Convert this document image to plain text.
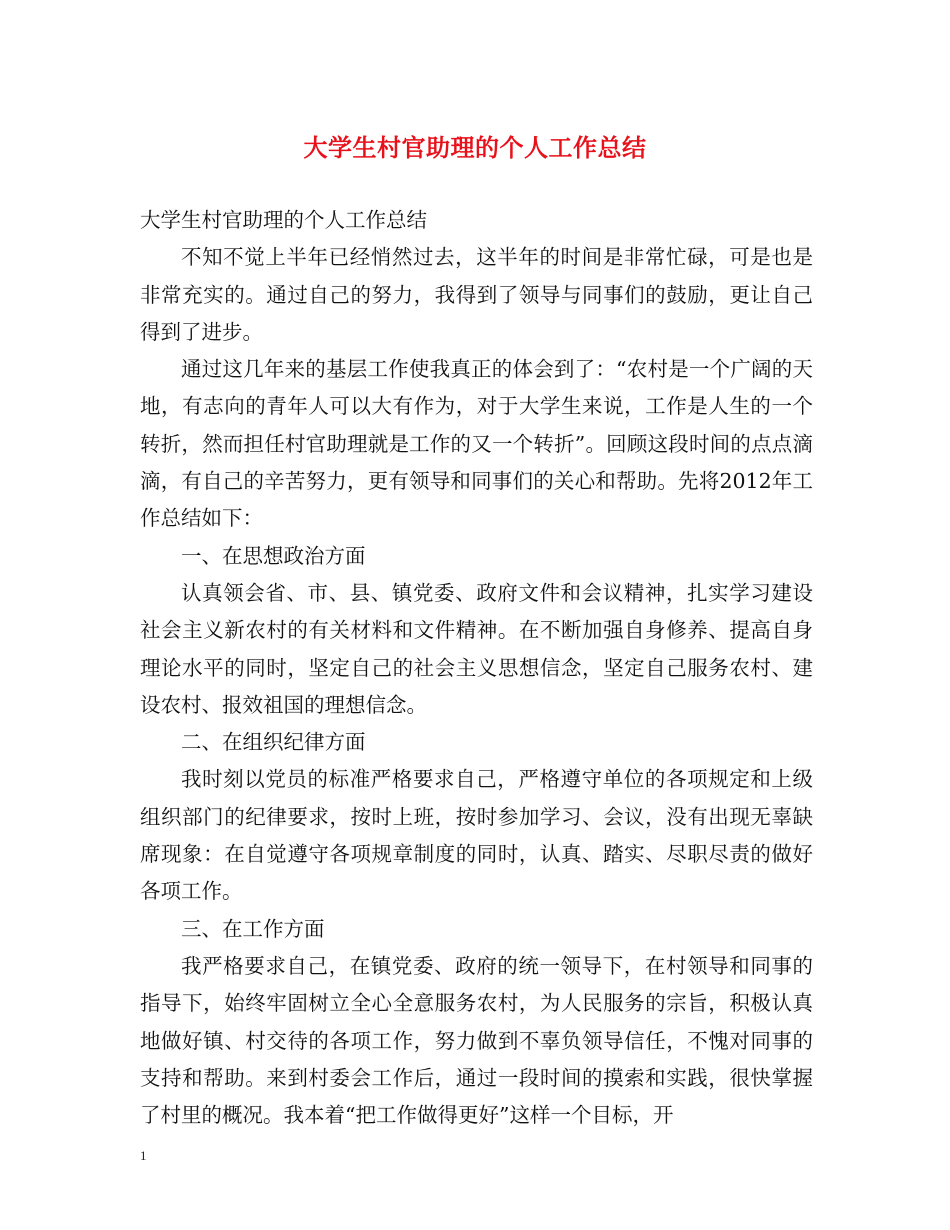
大学生村官助理的个人工作总结

大学生村官助理的个人工作总结

不知不觉上半年已经悄然过去，这半年的时间是非常忙碌，可是也是非常充实的。通过自己的努力，我得到了领导与同事们的鼓励，更让自己得到了进步。

通过这几年来的基层工作使我真正的体会到了：“农村是一个广阔的天地，有志向的青年人可以大有作为，对于大学生来说，工作是人生的一个转折，然而担任村官助理就是工作的又一个转折”。回顾这段时间的点点滴滴，有自己的辛苦努力，更有领导和同事们的关心和帮助。先将2012年工作总结如下：

一、在思想政治方面

认真领会省、市、县、镇党委、政府文件和会议精神，扎实学习建设社会主义新农村的有关材料和文件精神。在不断加强自身修养、提高自身理论水平的同时，坚定自己的社会主义思想信念，坚定自己服务农村、建设农村、报效祖国的理想信念。

二、在组织纪律方面

我时刻以党员的标准严格要求自己，严格遵守单位的各项规定和上级组织部门的纪律要求，按时上班，按时参加学习、会议，没有出现无辜缺席现象：在自觉遵守各项规章制度的同时，认真、踏实、尽职尽责的做好各项工作。

三、在工作方面

我严格要求自己，在镇党委、政府的统一领导下，在村领导和同事的指导下，始终牢固树立全心全意服务农村，为人民服务的宗旨，积极认真地做好镇、村交待的各项工作，努力做到不辜负领导信任，不愧对同事的支持和帮助。来到村委会工作后，通过一段时间的摸索和实践，很快掌握了村里的概况。我本着“把工作做得更好”这样一个目标，开

1
